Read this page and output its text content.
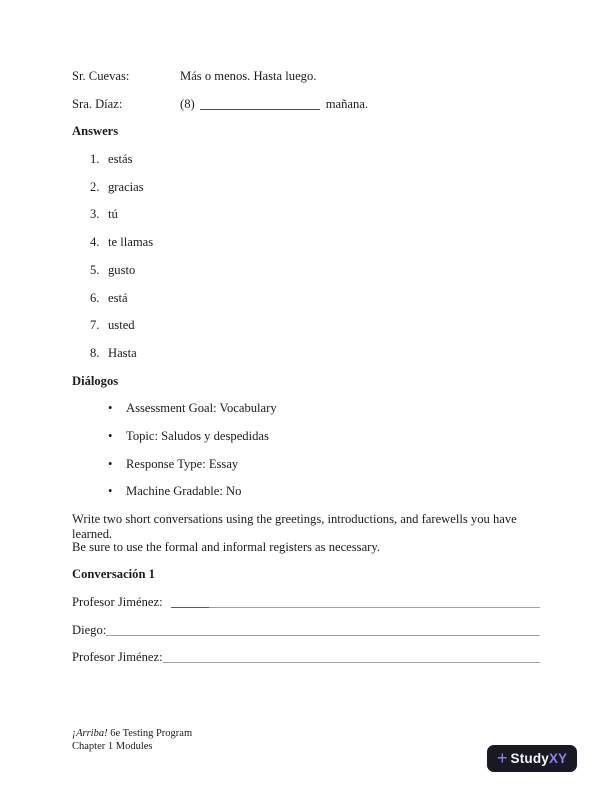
Sr. Cuevas:	Más o menos. Hasta luego.
Sra. Díaz:	(8)	mañana.
Answers
1. estás
2. gracias
3. tú
4. te llamas
5. gusto
6. está
7. usted
8. Hasta
Diálogos
•	Assessment Goal: Vocabulary
•	Topic: Saludos y despedidas
•	Response Type: Essay
•	Machine Gradable: No
Write two short conversations using the greetings, introductions, and farewells you have learned.
Be sure to use the formal and informal registers as necessary.
Conversación 1
Profesor Jiménez:
Diego:
Profesor Jiménez:
¡Arriba! 6e Testing Program
Chapter 1 Modules
+ StudyXY
